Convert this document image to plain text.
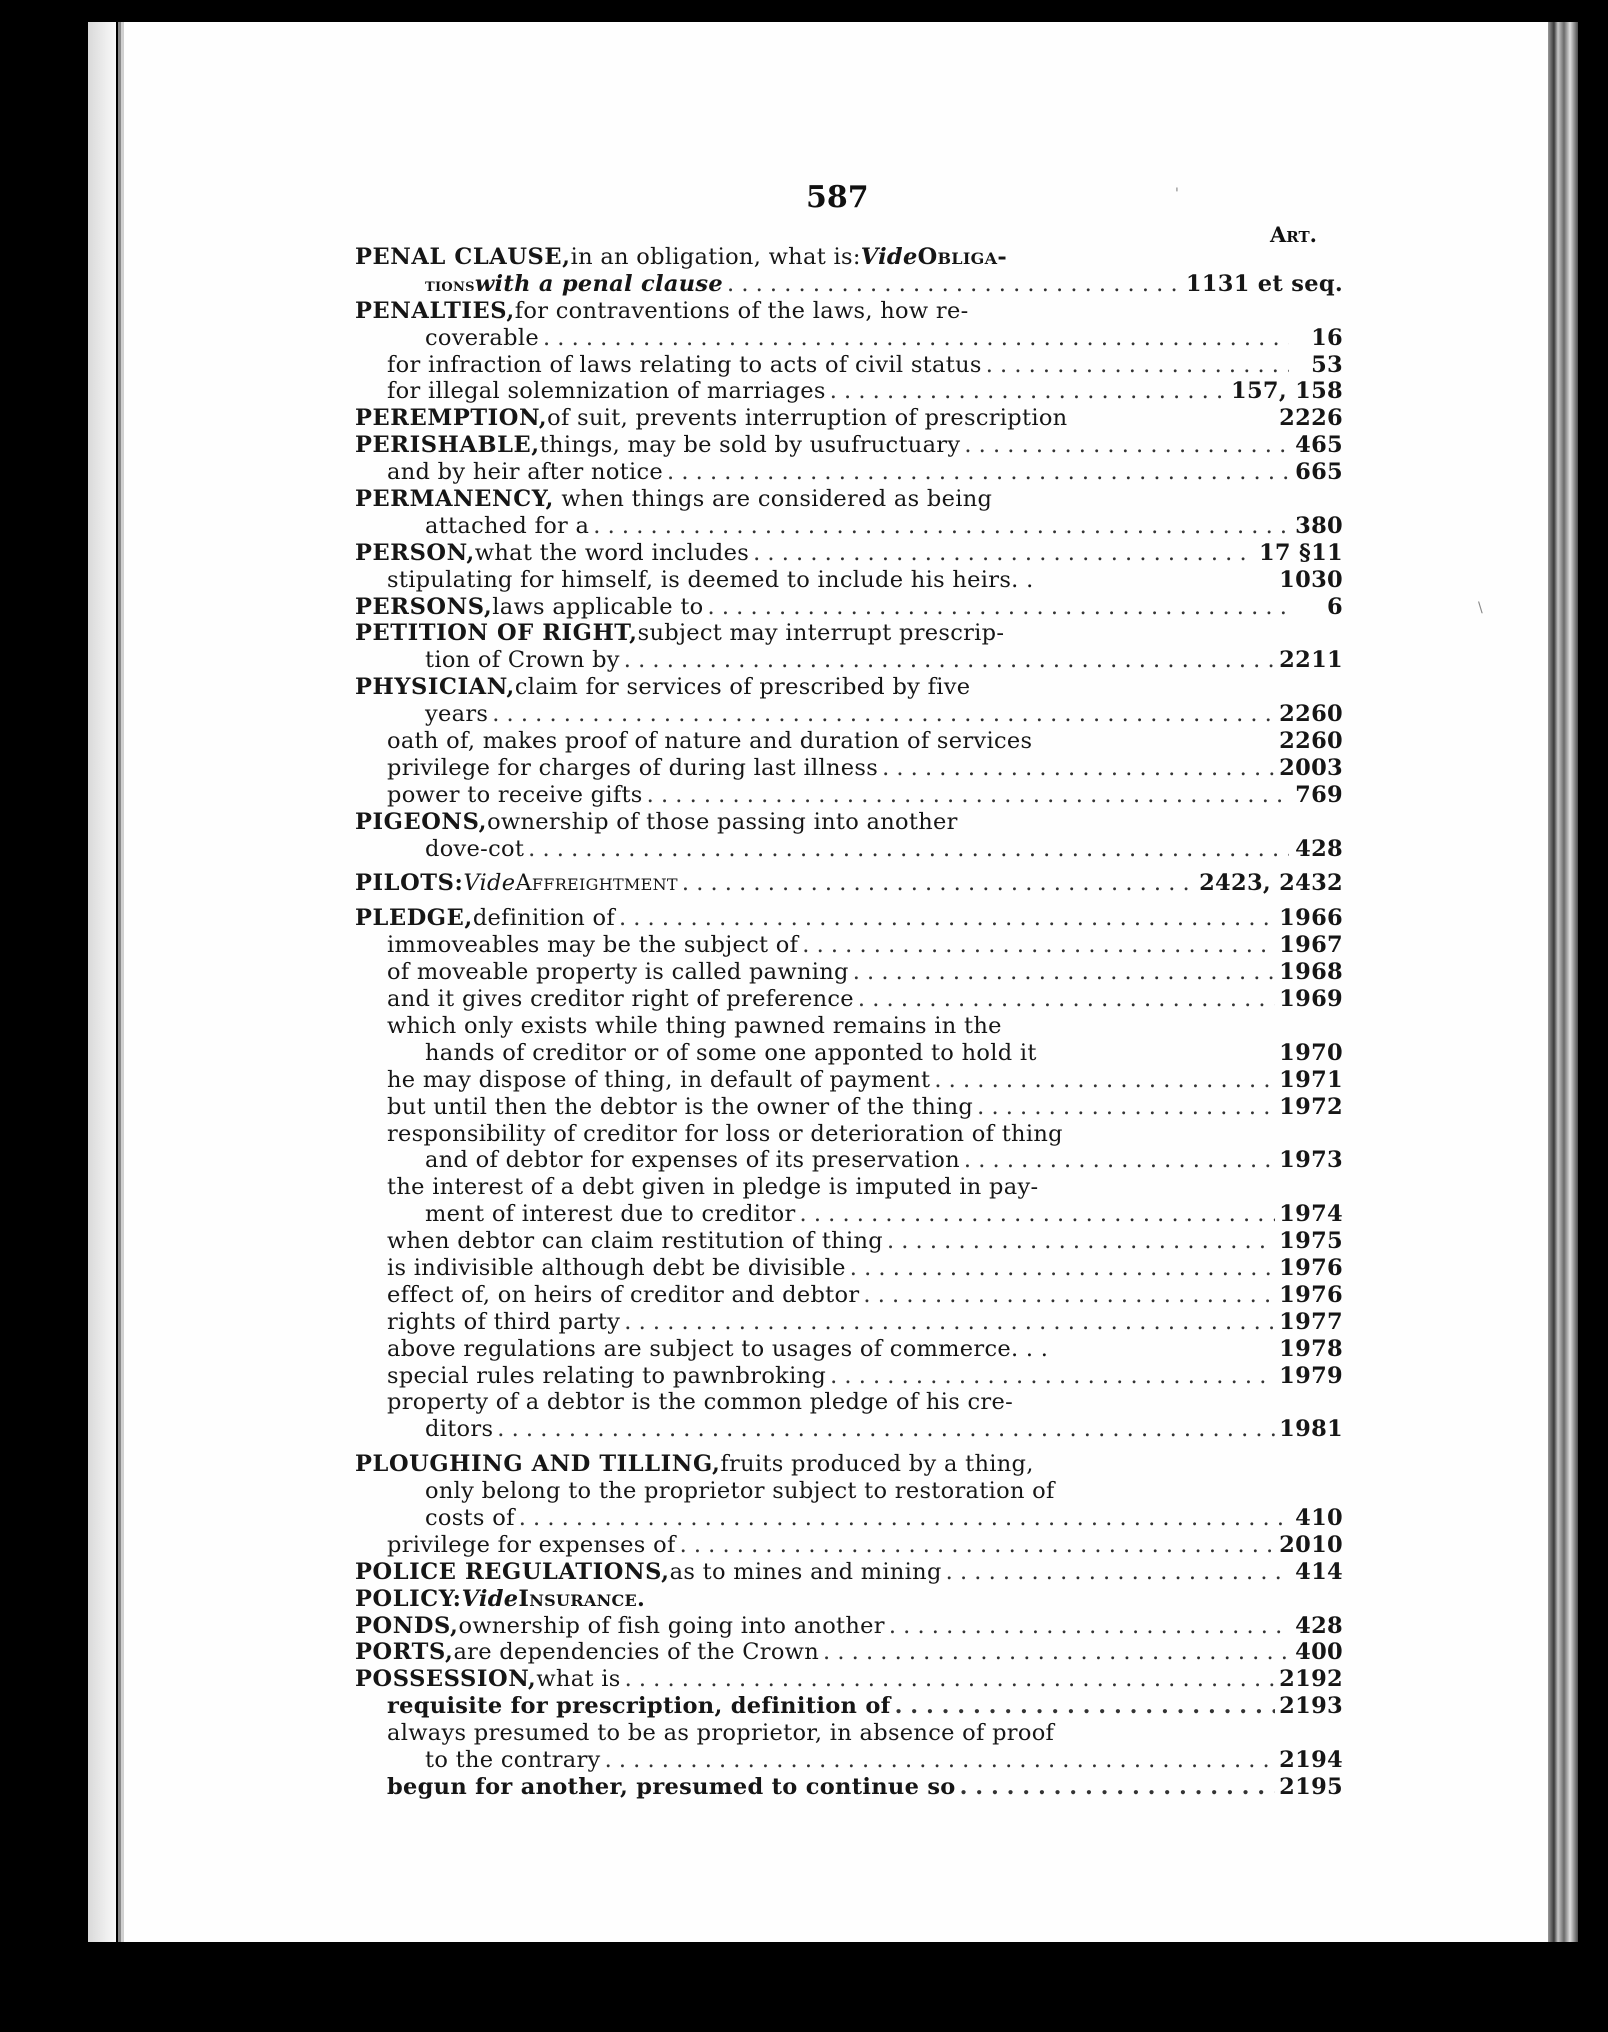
'
\
587
Art.
PENAL CLAUSE, in an obligation, what is: Vide Obliga-
tions with a penal clause . . .	1131 et seq.
PENALTIES, for contraventions of the laws, how re-
coverable . . .	16
for infraction of laws relating to acts of civil status . . .	53
for illegal solemnization of marriages . . .	157, 158
PEREMPTION, of suit, prevents interruption of prescription	2226
PERISHABLE, things, may be sold by usufructuary . . .	465
and by heir after notice . . .	665
PERMANENCY, when things are considered as being
attached for a . . .	380
PERSON, what the word includes . . .	17 §11
stipulating for himself, is deemed to include his heirs. .	1030
PERSONS, laws applicable to . . .	6
PETITION OF RIGHT, subject may interrupt prescrip-
tion of Crown by . . .	2211
PHYSICIAN, claim for services of prescribed by five
years . . .	2260
oath of, makes proof of nature and duration of services	2260
privilege for charges of during last illness . . .	2003
power to receive gifts . . .	769
PIGEONS, ownership of those passing into another
dove-cot . . .	428
PILOTS: Vide Affreightment . . .	2423, 2432
PLEDGE, definition of . . .	1966
immoveables may be the subject of . . .	1967
of moveable property is called pawning . . .	1968
and it gives creditor right of preference . . .	1969
which only exists while thing pawned remains in the
hands of creditor or of some one apponted to hold it	1970
he may dispose of thing, in default of payment . . .	1971
but until then the debtor is the owner of the thing . . .	1972
responsibility of creditor for loss or deterioration of thing
and of debtor for expenses of its preservation . . .	1973
the interest of a debt given in pledge is imputed in pay-
ment of interest due to creditor . . .	1974
when debtor can claim restitution of thing . . .	1975
is indivisible although debt be divisible . . .	1976
effect of, on heirs of creditor and debtor . . .	1976
rights of third party . . .	1977
above regulations are subject to usages of commerce. . .	1978
special rules relating to pawnbroking . . .	1979
property of a debtor is the common pledge of his cre-
ditors . . .	1981
PLOUGHING AND TILLING, fruits produced by a thing,
only belong to the proprietor subject to restoration of
costs of . . .	410
privilege for expenses of . . .	2010
POLICE REGULATIONS, as to mines and mining . . .	414
POLICY: Vide Insurance.
PONDS, ownership of fish going into another . . .	428
PORTS, are dependencies of the Crown . . .	400
POSSESSION, what is . . .	2192
requisite for prescription, definition of . . .	2193
always presumed to be as proprietor, in absence of proof
to the contrary . . .	2194
begun for another, presumed to continue so . . .	2195
